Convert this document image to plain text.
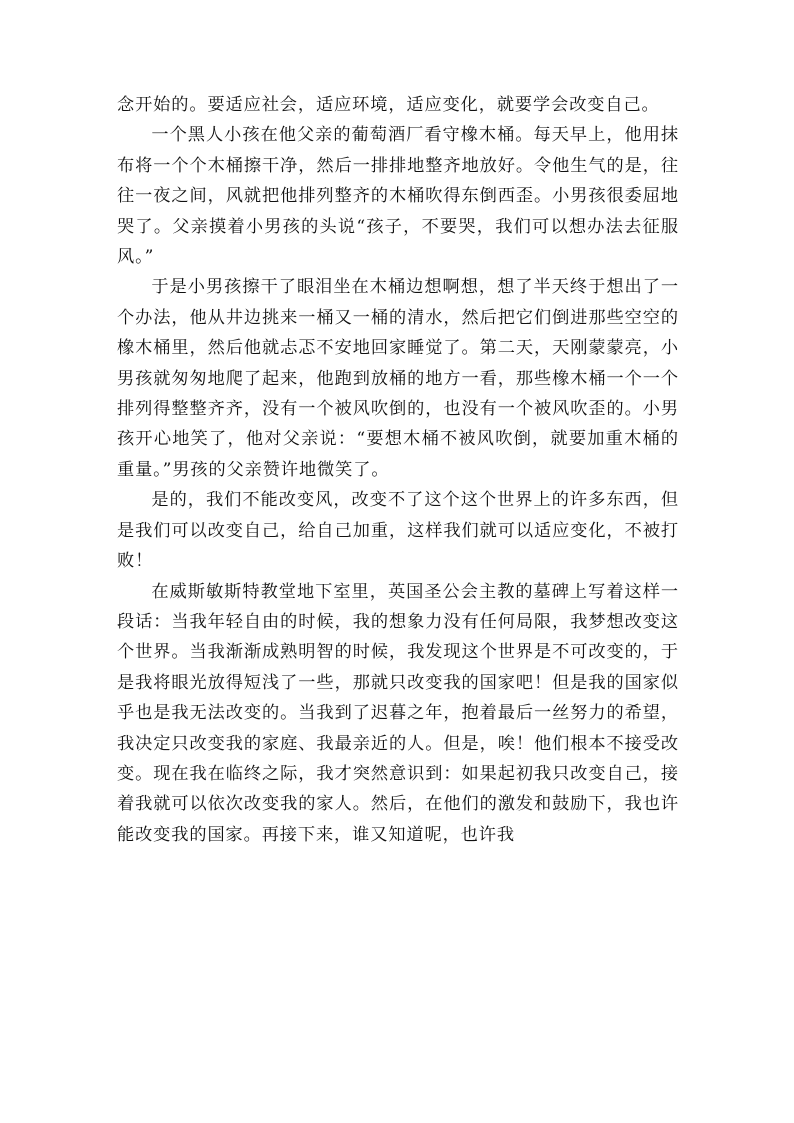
念开始的。要适应社会，适应环境，适应变化，就要学会改变自己。

一个黑人小孩在他父亲的葡萄酒厂看守橡木桶。每天早上，他用抹布将一个个木桶擦干净，然后一排排地整齐地放好。令他生气的是，往往一夜之间，风就把他排列整齐的木桶吹得东倒西歪。小男孩很委屈地哭了。父亲摸着小男孩的头说“孩子，不要哭，我们可以想办法去征服风。”

于是小男孩擦干了眼泪坐在木桶边想啊想，想了半天终于想出了一个办法，他从井边挑来一桶又一桶的清水，然后把它们倒进那些空空的橡木桶里，然后他就忐忑不安地回家睡觉了。第二天，天刚蒙蒙亮，小男孩就匆匆地爬了起来，他跑到放桶的地方一看，那些橡木桶一个一个排列得整整齐齐，没有一个被风吹倒的，也没有一个被风吹歪的。小男孩开心地笑了，他对父亲说：“要想木桶不被风吹倒，就要加重木桶的重量。”男孩的父亲赞许地微笑了。

是的，我们不能改变风，改变不了这个这个世界上的许多东西，但是我们可以改变自己，给自己加重，这样我们就可以适应变化，不被打败！

在威斯敏斯特教堂地下室里，英国圣公会主教的墓碑上写着这样一段话：当我年轻自由的时候，我的想象力没有任何局限，我梦想改变这个世界。当我渐渐成熟明智的时候，我发现这个世界是不可改变的，于是我将眼光放得短浅了一些，那就只改变我的国家吧！但是我的国家似乎也是我无法改变的。当我到了迟暮之年，抱着最后一丝努力的希望，我决定只改变我的家庭、我最亲近的人。但是，唉！他们根本不接受改变。现在我在临终之际，我才突然意识到：如果起初我只改变自己，接着我就可以依次改变我的家人。然后，在他们的激发和鼓励下，我也许能改变我的国家。再接下来，谁又知道呢，也许我
